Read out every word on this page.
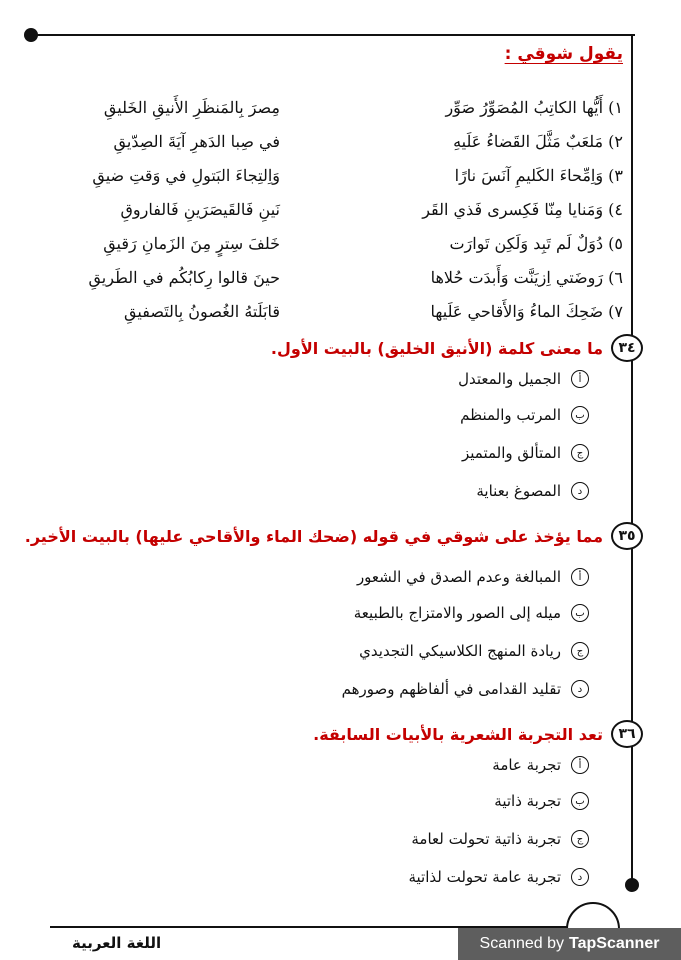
يقول شوقي :
١) أَيُّها الكاتِبُ المُصَوِّرُ صَوِّر
مِصرَ بِالمَنظَرِ الأَنيقِ الخَليقِ
٢) مَلعَبٌ مَثَّلَ القَضاءُ عَلَيهِ
في صِبا الدَهرِ آيَةَ الصِدّيقِ
٣) وَاِمِّحاءَ الكَليمِ آنَسَ نارًا
وَاِلتِجاءَ البَتولِ في وَقتِ ضيقِ
٤) وَمَنايا مِنّا فَكِسرى فَذي القَر
نَينِ فَالقَيصَرَينِ فَالفاروقِ
٥) دُوَلٌ لَم تَبِد وَلَكِن تَوارَت
خَلفَ سِترٍ مِنَ الزَمانِ رَقيقِ
٦) رَوضَتي اِزيَنَّت وَأَبدَت حُلاها
حينَ قالوا رِكابُكُم في الطَريقِ
٧) ضَحِكَ الماءُ وَالأَقاحي عَلَيها
قابَلَتهُ الغُصونُ بِالتَصفيقِ
٣٤
ما معنى كلمة (الأنيق الخليق) بالبيت الأول.
أ
الجميل والمعتدل
ب
المرتب والمنظم
ج
المتألق والمتميز
د
المصوغ بعناية
٣٥
مما يؤخذ على شوقي في قوله (ضحك الماء والأقاحي عليها) بالبيت الأخير.
أ
المبالغة وعدم الصدق في الشعور
ب
ميله إلى الصور والامتزاج بالطبيعة
ج
ريادة المنهج الكلاسيكي التجديدي
د
تقليد القدامى في ألفاظهم وصورهم
٣٦
تعد التجربة الشعرية بالأبيات السابقة.
أ
تجربة عامة
ب
تجربة ذاتية
ج
تجربة ذاتية تحولت لعامة
د
تجربة عامة تحولت لذاتية
اللغة العربية	Scanned by TapScanner
